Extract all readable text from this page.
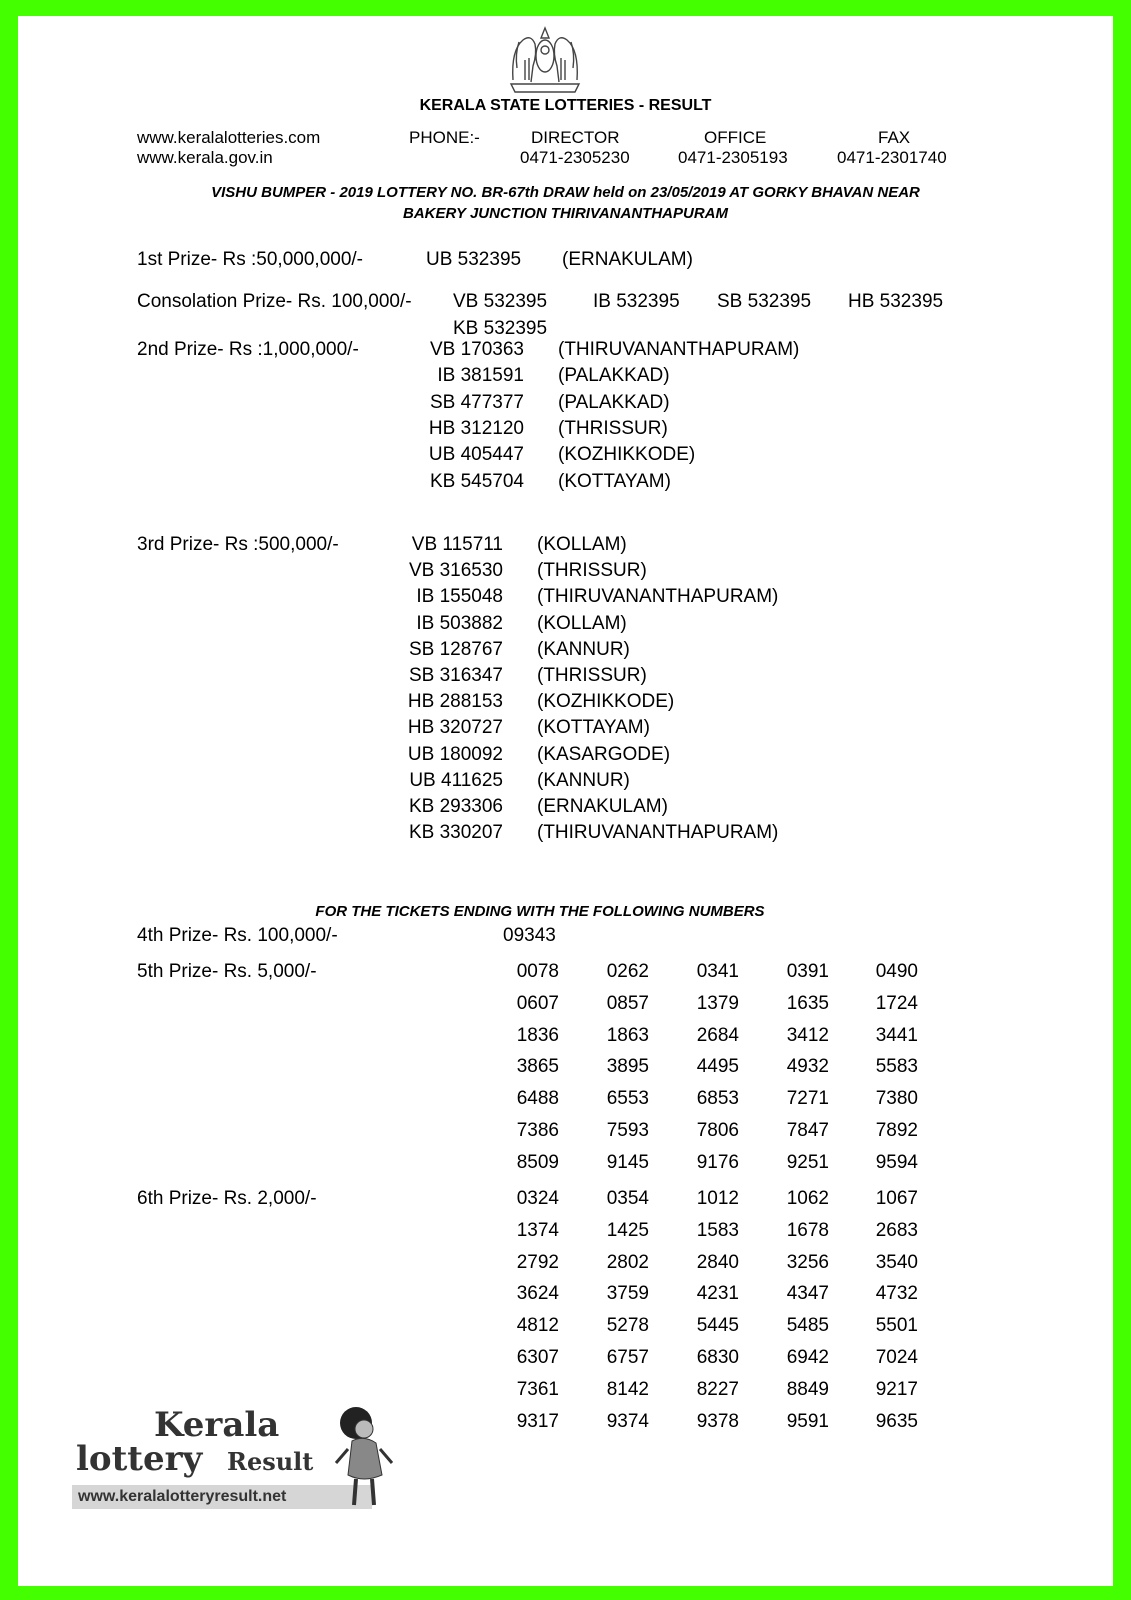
KERALA STATE LOTTERIES - RESULT
www.keralalotteries.com
www.kerala.gov.in
PHONE:-	DIRECTOR
0471-2305230
OFFICE
0471-2305193
FAX
0471-2301740
VISHU BUMPER - 2019 LOTTERY NO. BR-67th DRAW held on 23/05/2019 AT GORKY BHAVAN NEAR
BAKERY JUNCTION THIRIVANANTHAPURAM
1st Prize- Rs :50,000,000/-	UB 532395 (ERNAKULAM)
Consolation Prize- Rs. 100,000/- VB 532395 IB 532395 SB 532395 HB 532395
KB 532395
2nd Prize- Rs :1,000,000/-	VB 170363 (THIRUVANANTHAPURAM)
IB 381591 (PALAKKAD)
SB 477377 (PALAKKAD)
HB 312120 (THRISSUR)
UB 405447 (KOZHIKKODE)
KB 545704 (KOTTAYAM)
3rd Prize- Rs :500,000/-	VB 115711 (KOLLAM)
VB 316530 (THRISSUR)
IB 155048 (THIRUVANANTHAPURAM)
IB 503882 (KOLLAM)
SB 128767 (KANNUR)
SB 316347 (THRISSUR)
HB 288153 (KOZHIKKODE)
HB 320727 (KOTTAYAM)
UB 180092 (KASARGODE)
UB 411625 (KANNUR)
KB 293306 (ERNAKULAM)
KB 330207 (THIRUVANANTHAPURAM)
FOR THE TICKETS ENDING WITH THE FOLLOWING NUMBERS
4th Prize- Rs. 100,000/-	09343
5th Prize- Rs. 5,000/-	0078	0262	0341	0391	0490
0607	0857	1379	1635	1724
1836	1863	2684	3412	3441
3865	3895	4495	4932	5583
6488	6553	6853	7271	7380
7386	7593	7806	7847	7892
8509	9145	9176	9251	9594
6th Prize- Rs. 2,000/-	0324	0354	1012	1062	1067
1374	1425	1583	1678	2683
2792	2802	2840	3256	3540
3624	3759	4231	4347	4732
4812	5278	5445	5485	5501
6307	6757	6830	6942	7024
7361	8142	8227	8849	9217
9317	9374	9378	9591	9635
Kerala
lottery Result
www.keralalotteryresult.net
